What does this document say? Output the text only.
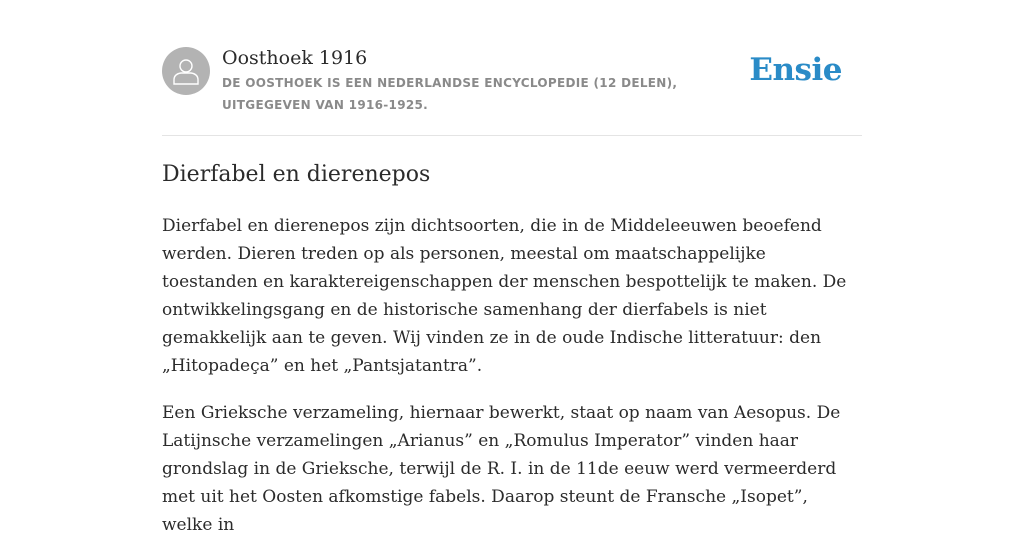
Oosthoek 1916
DE OOSTHOEK IS EEN NEDERLANDSE ENCYCLOPEDIE (12 DELEN), UITGEGEVEN VAN 1916-1925.
Ensie
Dierfabel en dierenepos

Dierfabel en dierenepos zijn dichtsoorten, die in de Middeleeuwen beoefend werden. Dieren treden op als personen, meestal om maatschappelijke toestanden en karaktereigenschappen der menschen bespottelijk te maken. De ontwikkelingsgang en de historische samenhang der dierfabels is niet gemakkelijk aan te geven. Wij vinden ze in de oude Indische litteratuur: den „Hitopadeça” en het „Pantsjatantra”.

Een Grieksche verzameling, hiernaar bewerkt, staat op naam van Aesopus. De Latijnsche verzamelingen „Arianus” en „Romulus Imperator” vinden haar grondslag in de Grieksche, terwijl de R. I. in de 11de eeuw werd vermeerderd met uit het Oosten afkomstige fabels. Daarop steunt de Fransche „Isopet”, welke in
